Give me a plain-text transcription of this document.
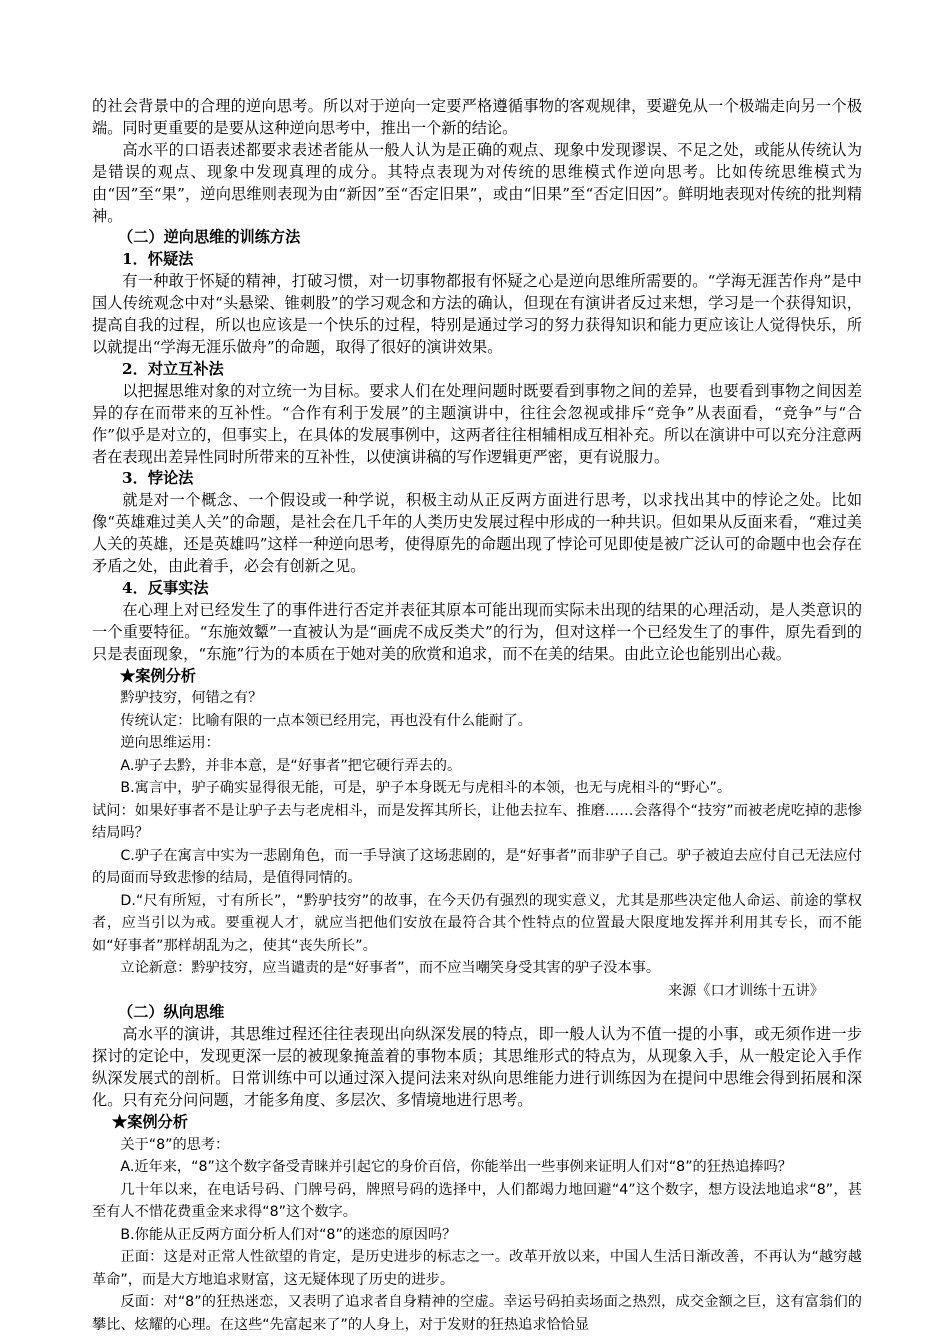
的社会背景中的合理的逆向思考。所以对于逆向一定要严格遵循事物的客观规律，要避免从一个极端走向另一个极端。同时更重要的是要从这种逆向思考中，推出一个新的结论。

高水平的口语表述都要求表述者能从一般人认为是正确的观点、现象中发现谬误、不足之处，或能从传统认为是错误的观点、现象中发现真理的成分。其特点表现为对传统的思维模式作逆向思考。比如传统思维模式为由“因”至“果”，逆向思维则表现为由“新因”至“否定旧果”，或由“旧果”至“否定旧因”。鲜明地表现对传统的批判精神。

（二）逆向思维的训练方法

1．怀疑法

有一种敢于怀疑的精神，打破习惯，对一切事物都报有怀疑之心是逆向思维所需要的。“学海无涯苦作舟”是中国人传统观念中对“头悬梁、锥刺股”的学习观念和方法的确认，但现在有演讲者反过来想，学习是一个获得知识，提高自我的过程，所以也应该是一个快乐的过程，特别是通过学习的努力获得知识和能力更应该让人觉得快乐，所以就提出“学海无涯乐做舟”的命题，取得了很好的演讲效果。

2．对立互补法

以把握思维对象的对立统一为目标。要求人们在处理问题时既要看到事物之间的差异，也要看到事物之间因差异的存在而带来的互补性。“合作有利于发展”的主题演讲中，往往会忽视或排斥“竞争”从表面看，“竞争”与“合作”似乎是对立的，但事实上，在具体的发展事例中，这两者往往相辅相成互相补充。所以在演讲中可以充分注意两者在表现出差异性同时所带来的互补性，以使演讲稿的写作逻辑更严密，更有说服力。

3．悖论法

就是对一个概念、一个假设或一种学说，积极主动从正反两方面进行思考，以求找出其中的悖论之处。比如像“英雄难过美人关”的命题，是社会在几千年的人类历史发展过程中形成的一种共识。但如果从反面来看，“难过美人关的英雄，还是英雄吗”这样一种逆向思考，使得原先的命题出现了悖论可见即使是被广泛认可的命题中也会存在矛盾之处，由此着手，必会有创新之见。

4．反事实法

在心理上对已经发生了的事件进行否定并表征其原本可能出现而实际未出现的结果的心理活动，是人类意识的一个重要特征。“东施效颦”一直被认为是“画虎不成反类犬”的行为，但对这样一个已经发生了的事件，原先看到的只是表面现象，“东施”行为的本质在于她对美的欣赏和追求，而不在美的结果。由此立论也能别出心裁。

★案例分析

黔驴技穷，何错之有？

传统认定：比喻有限的一点本领已经用完，再也没有什么能耐了。

逆向思维运用：

A.驴子去黔，并非本意，是“好事者”把它硬行弄去的。

B.寓言中，驴子确实显得很无能，可是，驴子本身既无与虎相斗的本领，也无与虎相斗的“野心”。

试问：如果好事者不是让驴子去与老虎相斗，而是发挥其所长，让他去拉车、推磨……会落得个“技穷”而被老虎吃掉的悲惨结局吗？

C.驴子在寓言中实为一悲剧角色，而一手导演了这场悲剧的，是“好事者”而非驴子自己。驴子被迫去应付自己无法应付的局面而导致悲惨的结局，是值得同情的。

D.“尺有所短，寸有所长”，“黔驴技穷”的故事，在今天仍有强烈的现实意义，尤其是那些决定他人命运、前途的掌权者，应当引以为戒。要重视人才，就应当把他们安放在最符合其个性特点的位置最大限度地发挥并利用其专长，而不能如“好事者”那样胡乱为之，使其“丧失所长”。

立论新意：黔驴技穷，应当谴责的是“好事者”，而不应当嘲笑身受其害的驴子没本事。

来源《口才训练十五讲》

（二）纵向思维

高水平的演讲，其思维过程还往往表现出向纵深发展的特点，即一般人认为不值一提的小事，或无须作进一步探讨的定论中，发现更深一层的被现象掩盖着的事物本质；其思维形式的特点为，从现象入手，从一般定论入手作纵深发展式的剖析。日常训练中可以通过深入提问法来对纵向思维能力进行训练因为在提问中思维会得到拓展和深化。只有充分问问题，才能多角度、多层次、多情境地进行思考。

★案例分析

关于“8”的思考：

A.近年来，“8”这个数字备受青睐并引起它的身价百倍，你能举出一些事例来证明人们对“8”的狂热追捧吗？

几十年以来，在电话号码、门牌号码，牌照号码的选择中，人们都竭力地回避“4”这个数字，想方设法地追求“8”，甚至有人不惜花费重金来求得“8”这个数字。

B.你能从正反两方面分析人们对“8”的迷恋的原因吗？

正面：这是对正常人性欲望的肯定，是历史进步的标志之一。改革开放以来，中国人生活日渐改善，不再认为“越穷越革命”，而是大方地追求财富，这无疑体现了历史的进步。

反面：对“8”的狂热迷恋，又表明了追求者自身精神的空虚。幸运号码拍卖场面之热烈，成交金额之巨，这有富翁们的攀比、炫耀的心理。在这些“先富起来了”的人身上，对于发财的狂热追求恰恰显
